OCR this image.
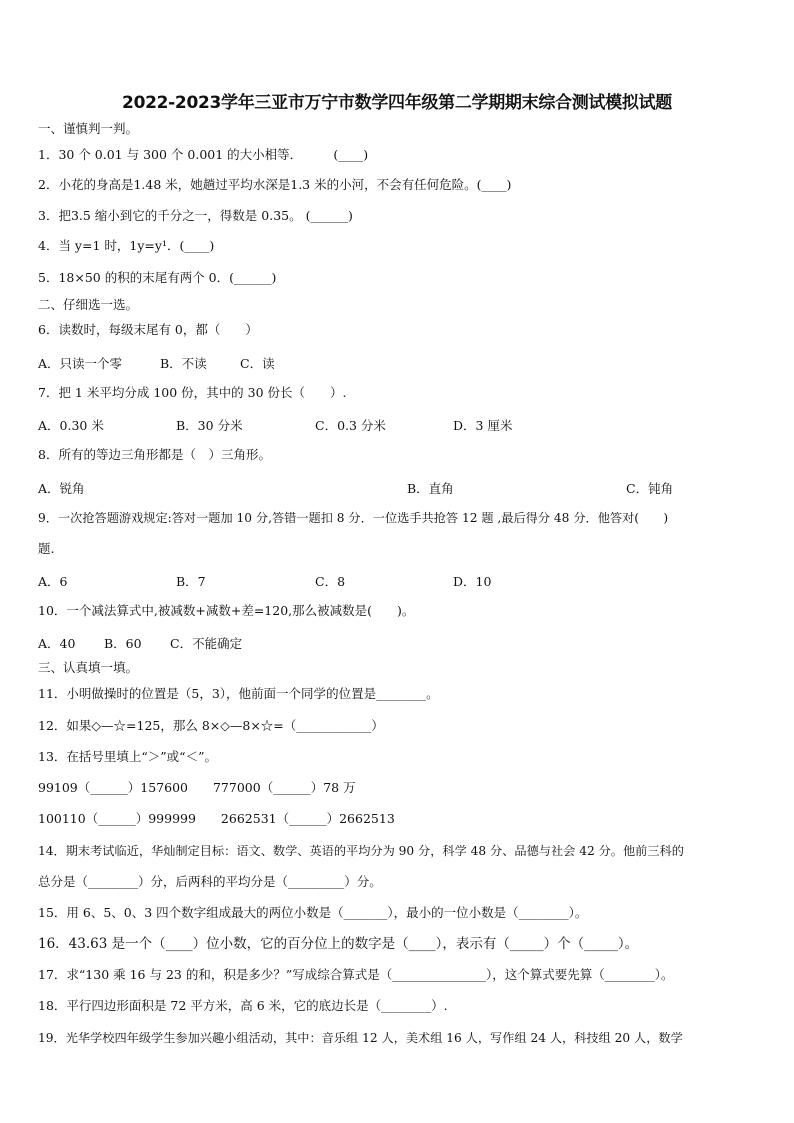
2022-2023学年三亚市万宁市数学四年级第二学期期末综合测试模拟试题
一、谨慎判一判。
1．30 个 0.01 与 300 个 0.001 的大小相等．　　　(____)
2．小花的身高是1.48 米，她趟过平均水深是1.3 米的小河，不会有任何危险。(____)
3．把3.5 缩小到它的千分之一，得数是 0.35。 (______)
4．当 y=1 时，1y=y¹．(____)
5．18×50 的积的末尾有两个 0．(______)
二、仔细选一选。
6．读数时，每级末尾有 0，都（　　）
A．只读一个零	B．不读	C．读
7．把 1 米平均分成 100 份，其中的 30 份长（　　）.
A．0.30 米	B．30 分米	C．0.3 分米	D．3 厘米
8．所有的等边三角形都是（　）三角形。
A．锐角	B．直角	C．钝角
9．一次抢答题游戏规定:答对一题加 10 分,答错一题扣 8 分．一位选手共抢答 12 题 ,最后得分 48 分．他答对(　　)
题.
A．6	B．7	C．8	D．10
10．一个减法算式中,被减数+减数+差=120,那么被减数是(　　)。
A．40 B．60 C．不能确定
三、认真填一填。
11．小明做操时的位置是（5，3），他前面一个同学的位置是________。
12．如果◇—☆=125，那么 8×◇—8×☆=（____________）
13．在括号里填上“＞”或“＜”。
99109（______）157600　　777000（______）78 万
100110（______）999999　　2662531（______）2662513
14．期末考试临近，华灿制定目标：语文、数学、英语的平均分为 90 分，科学 48 分、品德与社会 42 分。他前三科的
总分是（________）分，后两科的平均分是（_________）分。
15．用 6、5、0、3 四个数字组成最大的两位小数是（_______），最小的一位小数是（________）。
16．43.63 是一个（____）位小数，它的百分位上的数字是（____），表示有（_____）个（_____）。
17．求“130 乘 16 与 23 的和，积是多少？”写成综合算式是（_______________），这个算式要先算（________）。
18．平行四边形面积是 72 平方米，高 6 米，它的底边长是（________）.
19．光华学校四年级学生参加兴趣小组活动，其中：音乐组 12 人，美术组 16 人，写作组 24 人，科技组 20 人，数学
